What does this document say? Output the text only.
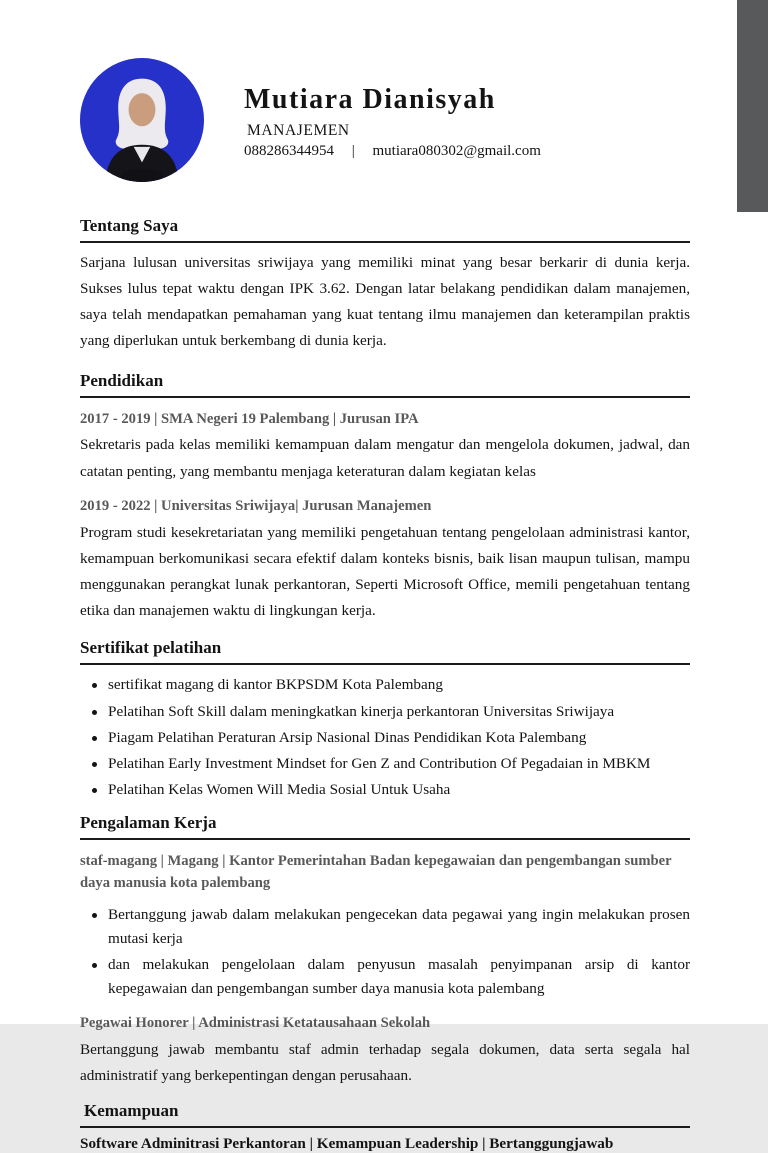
Mutiara Dianisyah
MANAJEMEN
088286344954 | mutiara080302@gmail.com
Tentang Saya

Sarjana lulusan universitas sriwijaya yang memiliki minat yang besar berkarir di dunia kerja. Sukses lulus tepat waktu dengan IPK 3.62. Dengan latar belakang pendidikan dalam manajemen, saya telah mendapatkan pemahaman yang kuat tentang ilmu manajemen dan keterampilan praktis yang diperlukan untuk berkembang di dunia kerja.

Pendidikan

2017 - 2019 | SMA Negeri 19 Palembang | Jurusan IPA

Sekretaris pada kelas memiliki kemampuan dalam mengatur dan mengelola dokumen, jadwal, dan catatan penting, yang membantu menjaga keteraturan dalam kegiatan kelas

2019 - 2022 | Universitas Sriwijaya| Jurusan Manajemen

Program studi kesekretariatan yang memiliki pengetahuan tentang pengelolaan administrasi kantor, kemampuan berkomunikasi secara efektif dalam konteks bisnis, baik lisan maupun tulisan, mampu menggunakan perangkat lunak perkantoran, Seperti Microsoft Office, memili pengetahuan tentang etika dan manajemen waktu di lingkungan kerja.

Sertifikat pelatihan
sertifikat magang di kantor BKPSDM Kota Palembang
Pelatihan Soft Skill dalam meningkatkan kinerja perkantoran Universitas Sriwijaya
Piagam Pelatihan Peraturan Arsip Nasional Dinas Pendidikan Kota Palembang
Pelatihan Early Investment Mindset for Gen Z and Contribution Of Pegadaian in MBKM
Pelatihan Kelas Women Will Media Sosial Untuk Usaha
Pengalaman Kerja

staf-magang | Magang | Kantor Pemerintahan Badan kepegawaian dan pengembangan sumber daya manusia kota palembang

Bertanggung jawab dalam melakukan pengecekan data pegawai yang ingin melakukan prosen mutasi kerja
dan melakukan pengelolaan dalam penyusun masalah penyimpanan arsip di kantor kepegawaian dan pengembangan sumber daya manusia kota palembang

Pegawai Honorer | Administrasi Ketatausahaan Sekolah

Bertanggung jawab membantu staf admin terhadap segala dokumen, data serta segala hal administratif yang berkepentingan dengan perusahaan.

Kemampuan

Software Adminitrasi Perkantoran | Kemampuan Leadership | Bertanggungjawab
